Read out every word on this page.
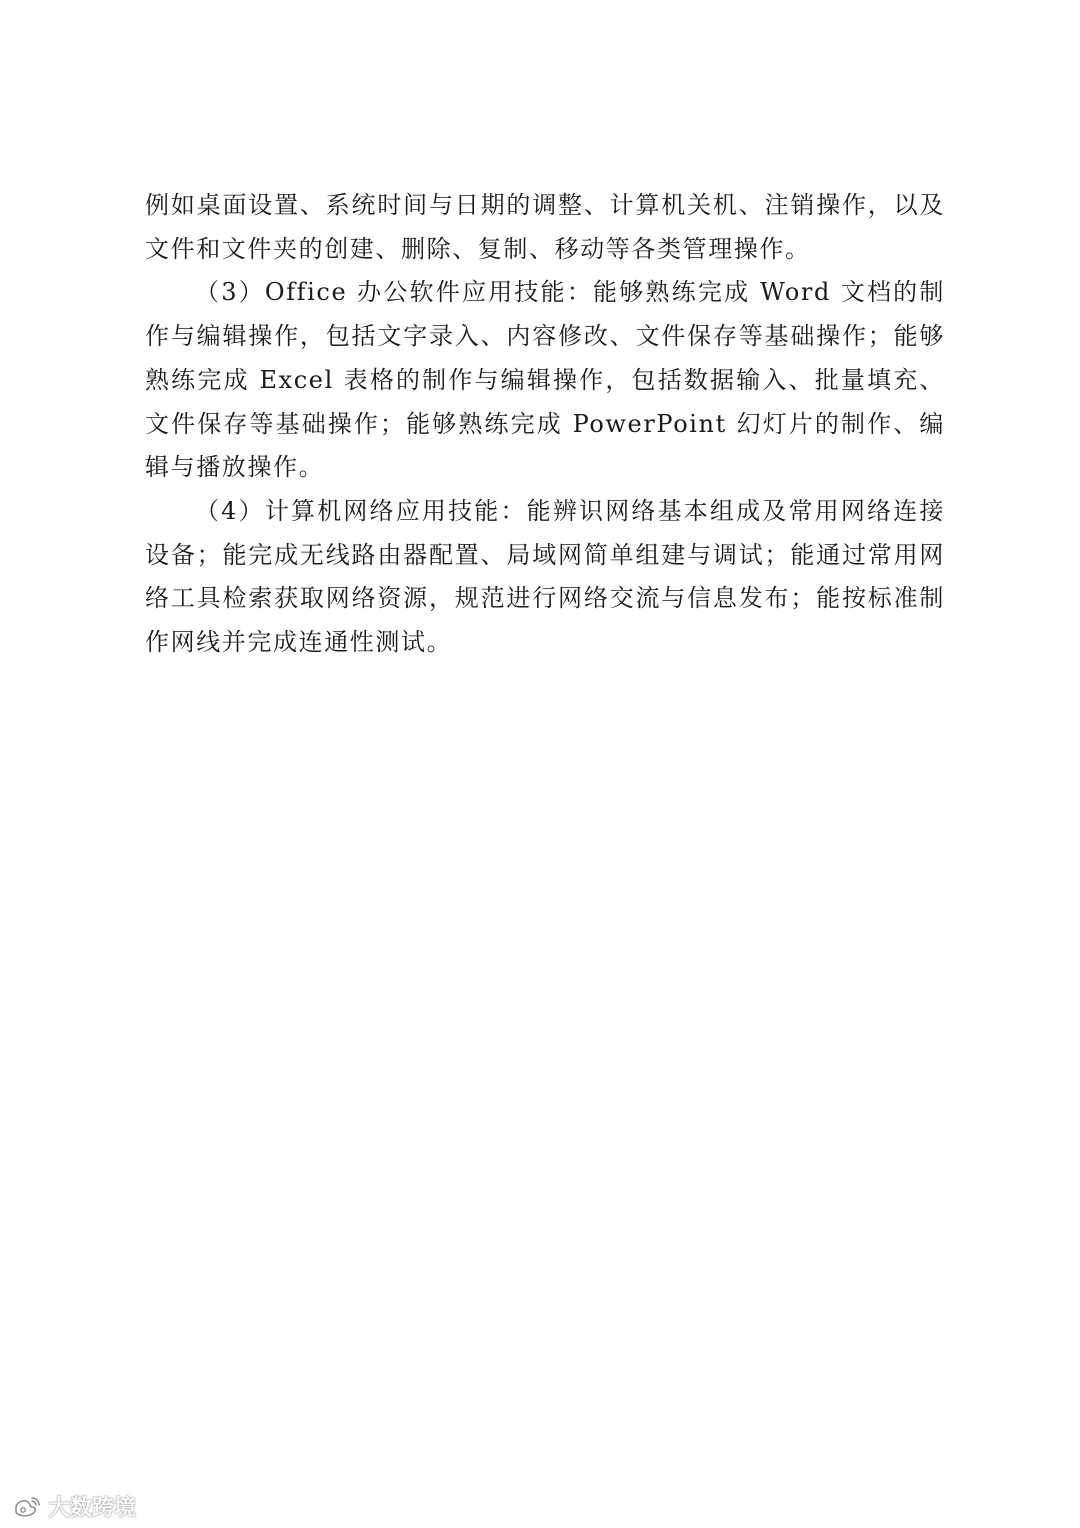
例如桌面设置、系统时间与日期的调整、计算机关机、注销操作，以及文件和文件夹的创建、删除、复制、移动等各类管理操作。

（3）Office 办公软件应用技能：能够熟练完成 Word 文档的制作与编辑操作，包括文字录入、内容修改、文件保存等基础操作；能够熟练完成 Excel 表格的制作与编辑操作，包括数据输入、批量填充、文件保存等基础操作；能够熟练完成 PowerPoint 幻灯片的制作、编辑与播放操作。

（4）计算机网络应用技能：能辨识网络基本组成及常用网络连接设备；能完成无线路由器配置、局域网简单组建与调试；能通过常用网络工具检索获取网络资源，规范进行网络交流与信息发布；能按标准制作网线并完成连通性测试。

大数跨境
